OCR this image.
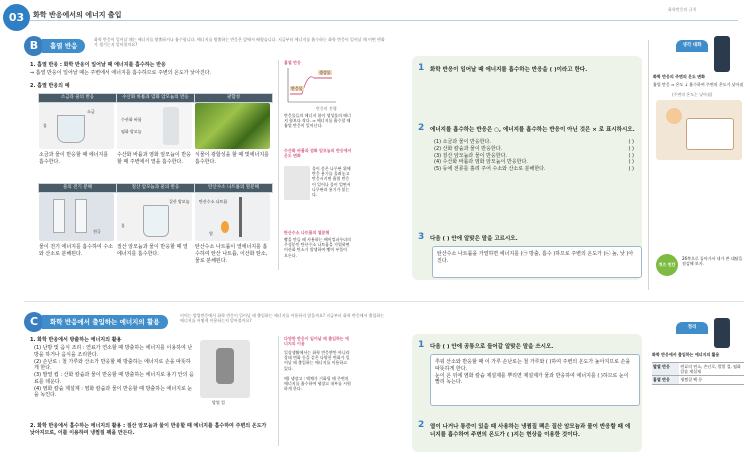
03	화학 반응에서의 에너지 출입
화학반응의 규칙
B	흡열 반응
화학 반응이 일어날 때는 에너지를 방출하거나 흡수합니다. 에너지를 방출하는 반응은 앞에서 배웠습니다. 지금부터 에너지를 흡수하는 화학 반응이 일어날 때 어떤 변화가 생기는지 알아볼까요?
1. 흡열 반응 : 화학 반응이 일어날 때 에너지를 흡수하는 반응
⇒ 흡열 반응이 일어날 때는 주변에서 에너지를 흡수하므로 주변의 온도가 낮아진다.
2. 흡열 반응의 예
소금과 물의 반응	수산화 바륨과 염화 암모늄의 반응	광합성
소금
물
수산화 바륨
염화 암모늄
소금과 물이 반응할 때 에너지를 흡수한다.
수산화 바륨과 염화 암모늄이 반응할 때 주변에서 열을 흡수한다.
식물이 광합성을 할 때 빛에너지를 흡수한다.
물의 전기 분해	질산 암모늄과 물의 반응	탄산수소 나트륨의 열분해
전극
질산 암모늄
물
탄산수소 나트륨
열
물이 전기 에너지를 흡수하여 수소와 산소로 분해된다.
질산 암모늄과 물이 반응할 때 열에너지를 흡수한다.
탄산수소 나트륨이 열에너지를 흡수하여 탄산 나트륨, 이산화 탄소, 물로 분해된다.
흡열 반응
생성물
반응물
반응의 진행
반응물들의 에너지 합이 생성물의 에너지 합보다 작다. ⇒ 에너지를 흡수할 때 흡열 반응이 일어난다.
수산화 바륨과 염화 암모늄의 반응에서 온도 변화
물이 묻은 나무판 위에 반응 용기를 올려놓고 반응시키면 흡열 반응이 일어나 물이 얼면서 나무판과 용기가 붙는다.
탄산수소 나트륨의 열분해
빵을 만들 때 사용하는 베이킹파우더의 주성분인 탄산수소 나트륨을 가열하면 이산화 탄소가 발생하여 빵이 부풀어 오른다.
1 화학 반응이 일어날 때 에너지를 흡수하는 반응을 ( )이라고 한다.
2 에너지를 흡수하는 반응은 ○, 에너지를 흡수하는 반응이 아닌 것은 × 로 표시하시오.
(1) 소금과 물이 반응한다.	( )
(2) 산화 칼슘과 물이 반응한다.	( )
(3) 질산 암모늄과 물이 반응한다.	( )
(4) 수산화 바륨과 염화 암모늄이 반응한다.	( )
(5) 등에 전류를 흘려 주어 수소와 산소로 분해한다.	( )
3 다음 ( ) 안에 알맞은 말을 고르시오.
탄산수소 나트륨을 가열하면 에너지를 (㉠ 방출, 흡수 )하므로 주변의 온도가 (㉡ 높, 낮 )아진다.
생각 대화
화학 반응의 주변의 온도 변화
흡열 반응 ⇒ 온도 ↓ 흡수하여 주변의 온도가 낮아짐
(주변의 온도는 낮아짐)
퀴즈 빈칸
26쪽으로 돌아가서 내가 쓴 대답을 점검해 보자.
C	화학 반응에서 출입하는 에너지의 활용
이어는 발열반응에서 화학 반응이 일어날 때 출입하는 에너지를 이용하지 않을까요? 지금부터 화학 반응에서 출입하는 에너지를 어떻게 이용하는지 알아볼까요?
1. 화학 반응에서 방출하는 에너지의 활용
(1) 난방 및 음식 조리 : 연료가 연소할 때 방출하는 에너지를 이용하여 난방을 하거나 음식을 조리한다.
(2) 손난로 : 철 가루와 산소가 반응할 때 방출하는 에너지로 손을 따뜻하게 한다.
(3) 발열 컵 : 산화 칼슘과 물이 반응할 때 방출하는 에너지로 용기 안의 음료를 데운다.
(4) 염화 칼슘 제설제 : 염화 칼슘과 물이 반응할 때 방출하는 에너지로 눈을 녹인다.
발열 컵
2. 화학 반응에서 흡수하는 에너지의 활용 : 질산 암모늄과 물이 반응할 때 에너지를 흡수하여 주변의 온도가 낮아지므로, 이를 이용하여 냉찜질 팩을 만든다.
다양한 반응이 일어날 때 출입하는 에너지의 이용
일상생활에서는 화학 반응뿐만 아니라 상태 변화 등을 같은 다양한 변화가 일어날 때 출입하는 에너지를 이용하고 있다.
예) 냉장고 : 액체가 기화될 때 주변의 에너지를 흡수하여 냉장고 내부를 시원하게 한다.
1 다음 ( ) 안에 공통으로 들어갈 알맞은 말을 쓰시오.
추워 산소와 반응할 때 이 가루 손난로는 철 가루와 ( )하여 주변의 온도가 높아지므로 손을 따뜻하게 한다.
눈이 온 뒤에 염화 칼슘 제설제를 뿌리면 제설제가 물과 반응하여 에너지를 ( )하므로 눈이 빨리 녹는다.
2 열이 나거나 통증이 있을 때 사용하는 냉찜질 팩은 질산 암모늄과 물이 반응할 때 에너지를 흡수하여 주변의 온도가 ( )지는 현상을 이용한 것이다.
정리
화학 반응에서 출입하는 에너지의 활용
발열 반응	연료의 연소, 손난로, 발열 컵, 염화 칼슘 제설제
흡열 반응	냉찜질 팩 등
